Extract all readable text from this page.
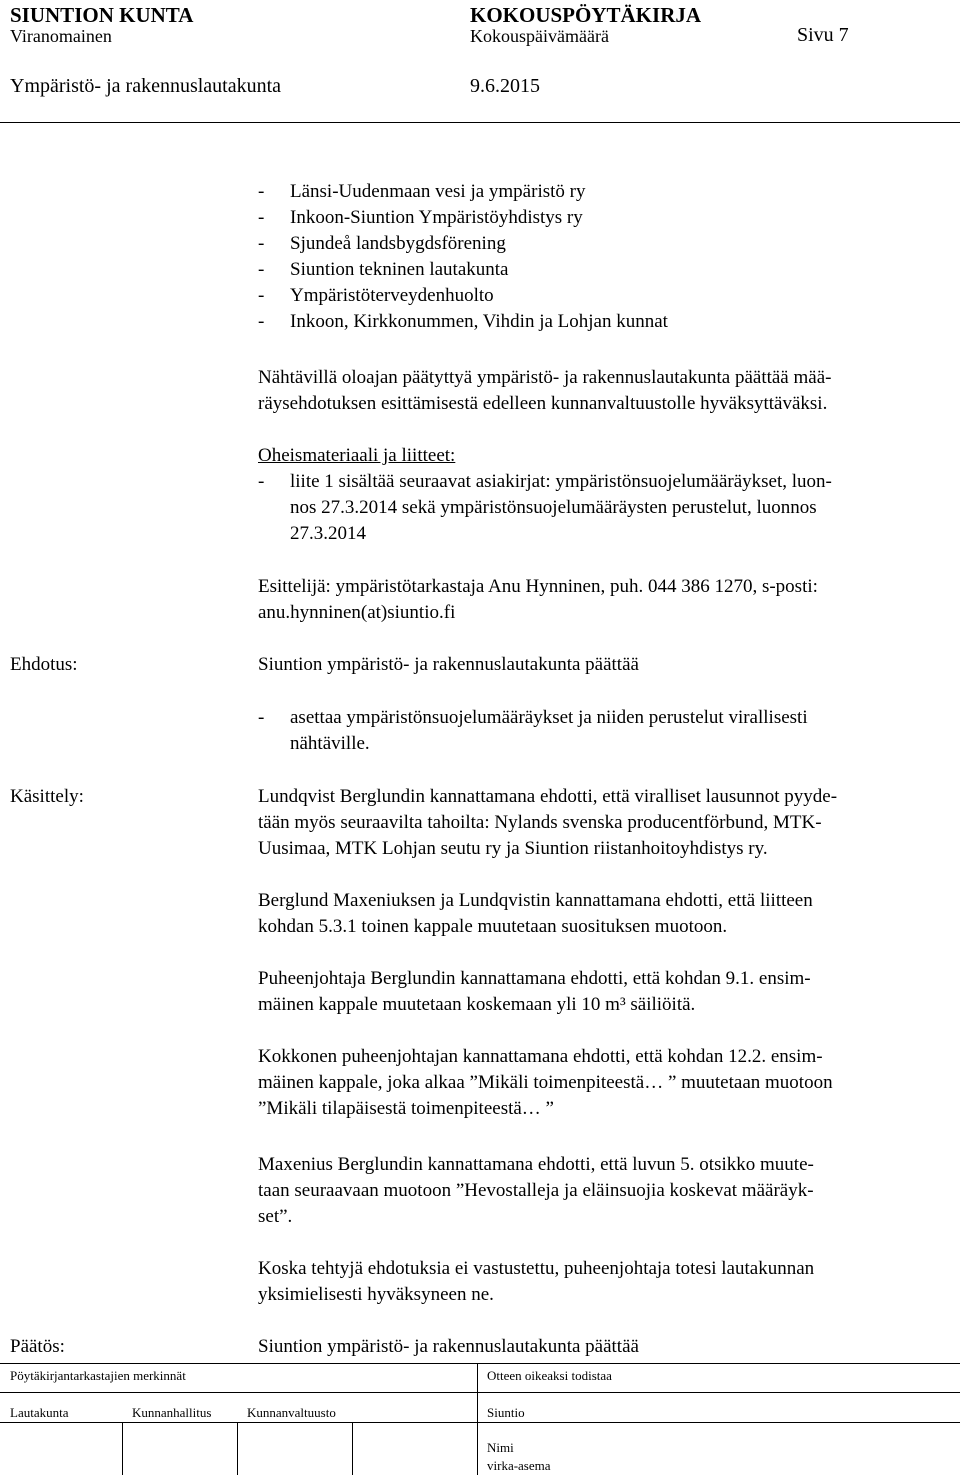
SIUNTION KUNTA	KOKOUSPÖYTÄKIRJA
Viranomainen	Kokouspäivämäärä	Sivu 7
Ympäristö- ja rakennuslautakunta	9.6.2015
- Länsi-Uudenmaan vesi ja ympäristö ry
- Inkoon-Siuntion Ympäristöyhdistys ry
- Sjundeå landsbygdsförening
- Siuntion tekninen lautakunta
- Ympäristöterveydenhuolto
- Inkoon, Kirkkonummen, Vihdin ja Lohjan kunnat
Nähtävillä oloajan päätyttyä ympäristö- ja rakennuslautakunta päättää mää-
räysehdotuksen esittämisestä edelleen kunnanvaltuustolle hyväksyttäväksi.
Oheismateriaali ja liitteet:
- liite 1 sisältää seuraavat asiakirjat: ympäristönsuojelumääräykset, luon-
nos 27.3.2014 sekä ympäristönsuojelumääräysten perustelut, luonnos
27.3.2014
Esittelijä: ympäristötarkastaja Anu Hynninen, puh. 044 386 1270, s-posti:
anu.hynninen(at)siuntio.fi
Ehdotus:	Siuntion ympäristö- ja rakennuslautakunta päättää
- asettaa ympäristönsuojelumääräykset ja niiden perustelut virallisesti
nähtäville.
Käsittely:	Lundqvist Berglundin kannattamana ehdotti, että viralliset lausunnot pyyde-
tään myös seuraavilta tahoilta: Nylands svenska producentförbund, MTK-
Uusimaa, MTK Lohjan seutu ry ja Siuntion riistanhoitoyhdistys ry.
Berglund Maxeniuksen ja Lundqvistin kannattamana ehdotti, että liitteen
kohdan 5.3.1 toinen kappale muutetaan suosituksen muotoon.
Puheenjohtaja Berglundin kannattamana ehdotti, että kohdan 9.1. ensim-
mäinen kappale muutetaan koskemaan yli 10 m³ säiliöitä.
Kokkonen puheenjohtajan kannattamana ehdotti, että kohdan 12.2. ensim-
mäinen kappale, joka alkaa ”Mikäli toimenpiteestä… ” muutetaan muotoon
”Mikäli tilapäisestä toimenpiteestä… ”
Maxenius Berglundin kannattamana ehdotti, että luvun 5. otsikko muute-
taan seuraavaan muotoon ”Hevostalleja ja eläinsuojia koskevat määräyk-
set”.
Koska tehtyjä ehdotuksia ei vastustettu, puheenjohtaja totesi lautakunnan
yksimielisesti hyväksyneen ne.
Päätös:	Siuntion ympäristö- ja rakennuslautakunta päättää
Pöytäkirjantarkastajien merkinnät	Otteen oikeaksi todistaa
Lautakunta	Kunnanhallitus	Kunnanvaltuusto	Siuntio
Nimi
virka-asema
